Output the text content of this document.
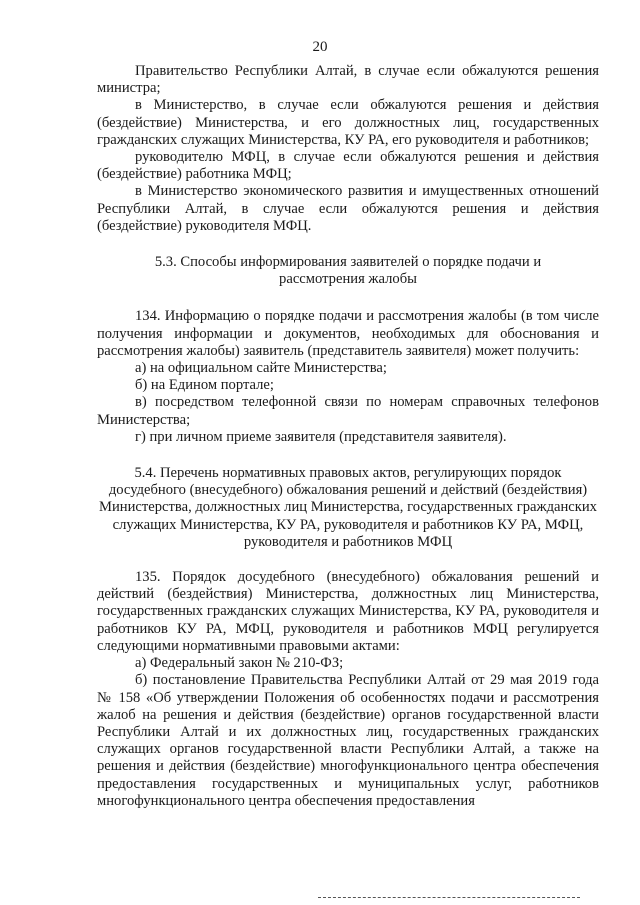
20

Правительство Республики Алтай, в случае если обжалуются решения министра;

в Министерство, в случае если обжалуются решения и действия (бездействие) Министерства, и его должностных лиц, государственных гражданских служащих Министерства, КУ РА, его руководителя и работников;

руководителю МФЦ, в случае если обжалуются решения и действия (бездействие) работника МФЦ;

в Министерство экономического развития и имущественных отношений Республики Алтай, в случае если обжалуются решения и действия (бездействие) руководителя МФЦ.

5.3. Способы информирования заявителей о порядке подачи и рассмотрения жалобы

134. Информацию о порядке подачи и рассмотрения жалобы (в том числе получения информации и документов, необходимых для обоснования и рассмотрения жалобы) заявитель (представитель заявителя) может получить:

а) на официальном сайте Министерства;

б) на Едином портале;

в) посредством телефонной связи по номерам справочных телефонов Министерства;

г) при личном приеме заявителя (представителя заявителя).

5.4. Перечень нормативных правовых актов, регулирующих порядок досудебного (внесудебного) обжалования решений и действий (бездействия) Министерства, должностных лиц Министерства, государственных гражданских служащих Министерства, КУ РА, руководителя и работников КУ РА, МФЦ, руководителя и работников МФЦ

135. Порядок досудебного (внесудебного) обжалования решений и действий (бездействия) Министерства, должностных лиц Министерства, государственных гражданских служащих Министерства, КУ РА, руководителя и работников КУ РА, МФЦ, руководителя и работников МФЦ регулируется следующими нормативными правовыми актами:

а) Федеральный закон № 210-ФЗ;

б) постановление Правительства Республики Алтай от 29 мая 2019 года № 158 «Об утверждении Положения об особенностях подачи и рассмотрения жалоб на решения и действия (бездействие) органов государственной власти Республики Алтай и их должностных лиц, государственных гражданских служащих органов государственной власти Республики Алтай, а также на решения и действия (бездействие) многофункционального центра обеспечения предоставления государственных и муниципальных услуг, работников многофункционального центра обеспечения предоставления
